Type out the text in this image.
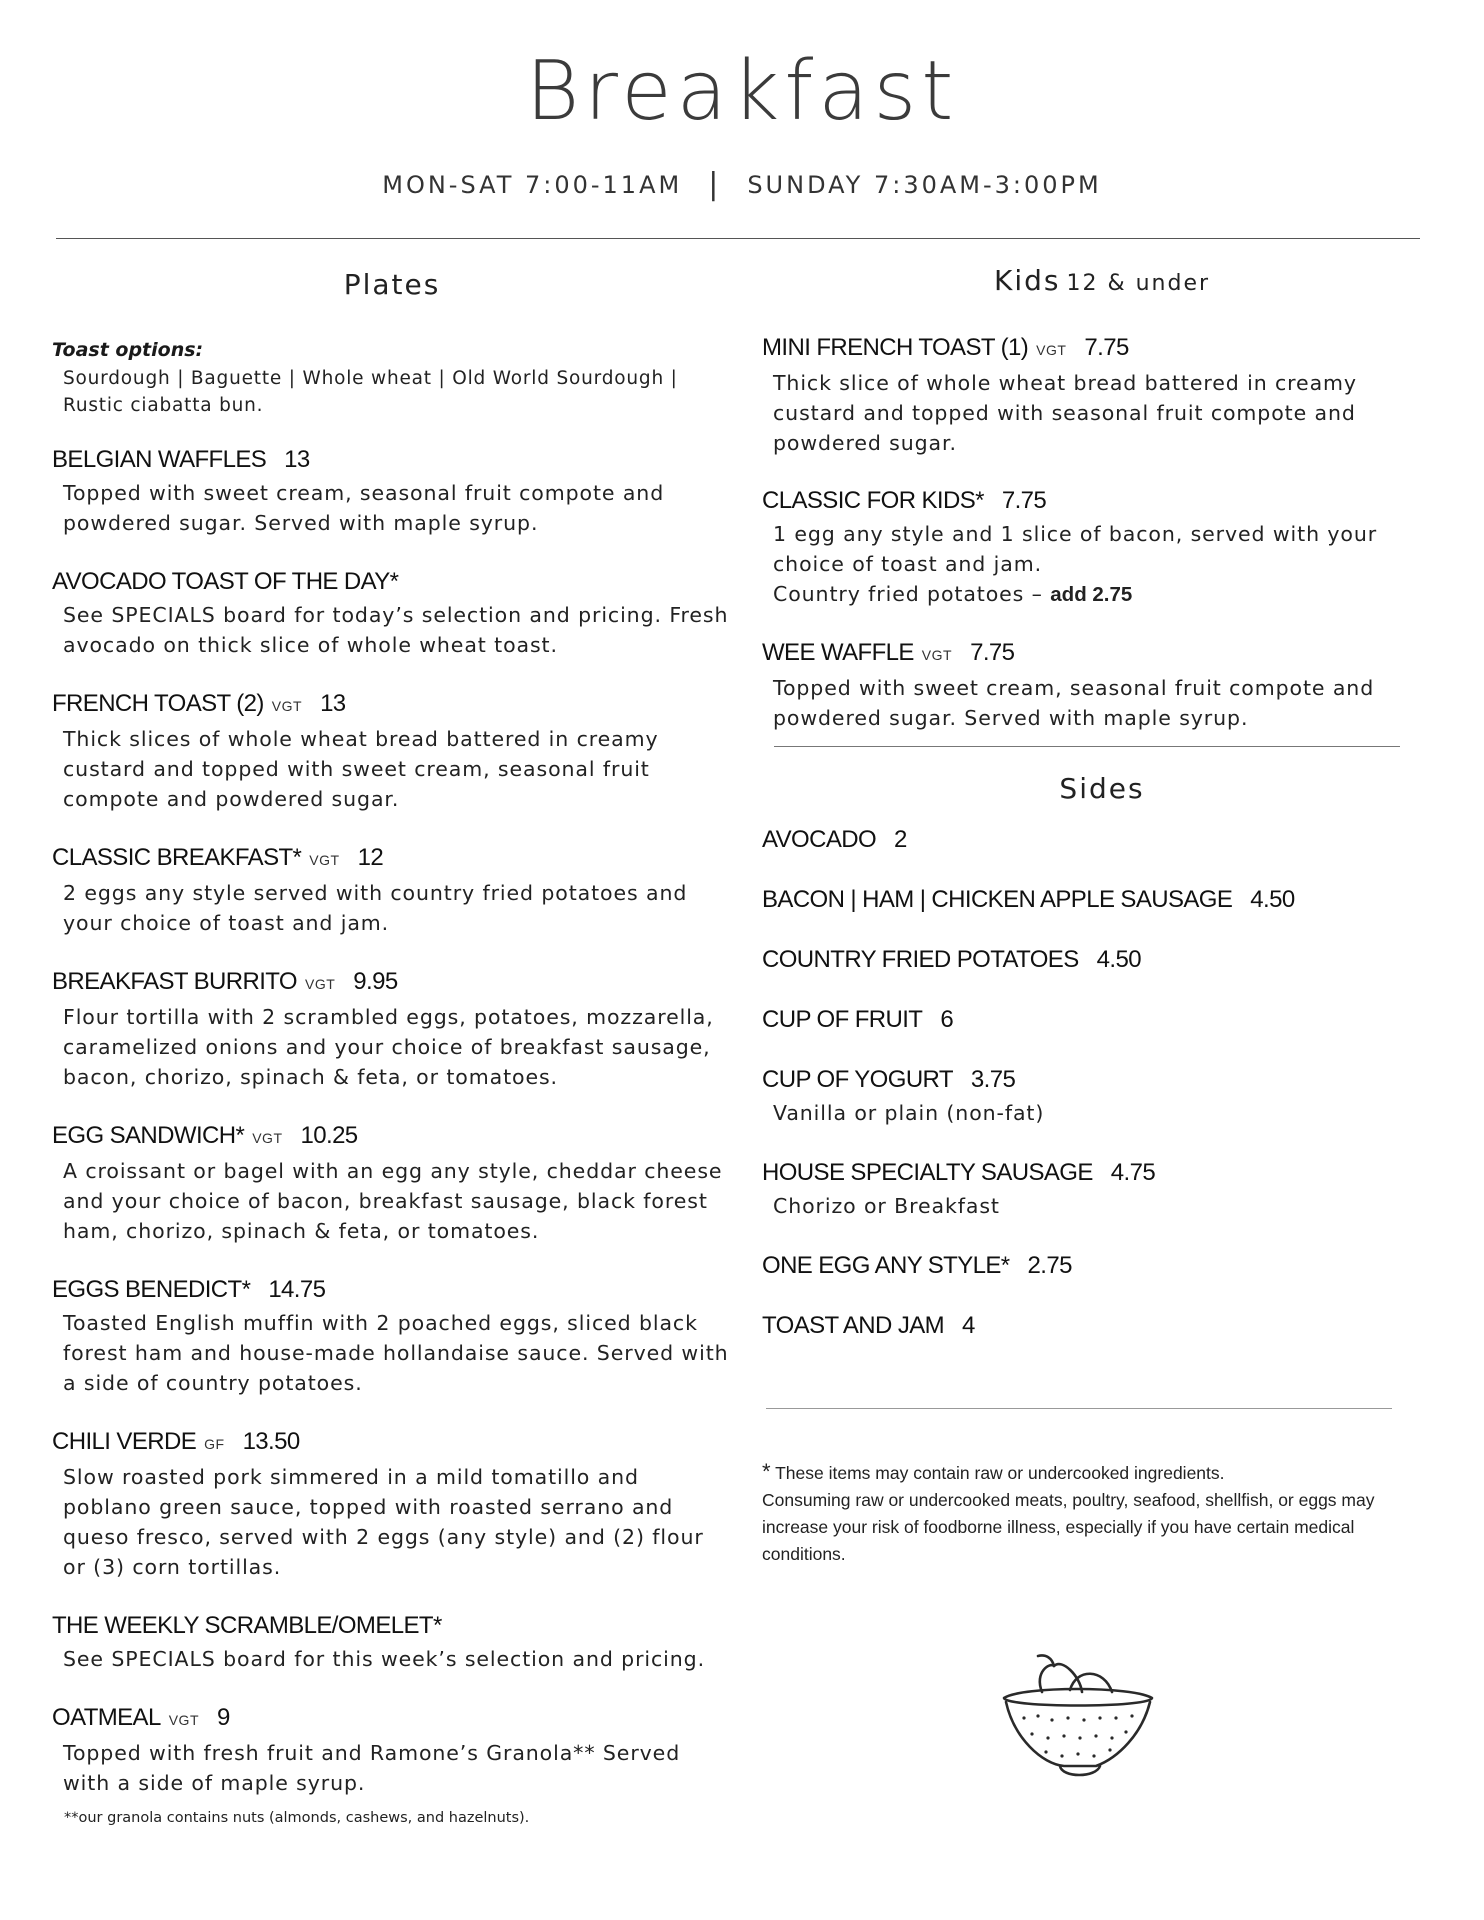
Breakfast
MON-SAT 7:00-11AM | SUNDAY 7:30AM-3:00PM
Plates
Toast options:
Sourdough | Baguette | Whole wheat | Old World Sourdough | Rustic ciabatta bun.
BELGIAN WAFFLES 13
Topped with sweet cream, seasonal fruit compote and powdered sugar. Served with maple syrup.
AVOCADO TOAST OF THE DAY*
See SPECIALS board for today’s selection and pricing. Fresh avocado on thick slice of whole wheat toast.
FRENCH TOAST (2) VGT 13
Thick slices of whole wheat bread battered in creamy custard and topped with sweet cream, seasonal fruit compote and powdered sugar.
CLASSIC BREAKFAST* VGT 12
2 eggs any style served with country fried potatoes and your choice of toast and jam.
BREAKFAST BURRITO VGT 9.95
Flour tortilla with 2 scrambled eggs, potatoes, mozzarella, caramelized onions and your choice of breakfast sausage, bacon, chorizo, spinach & feta, or tomatoes.
EGG SANDWICH* VGT 10.25
A croissant or bagel with an egg any style, cheddar cheese and your choice of bacon, breakfast sausage, black forest ham, chorizo, spinach & feta, or tomatoes.
EGGS BENEDICT* 14.75
Toasted English muffin with 2 poached eggs, sliced black forest ham and house-made hollandaise sauce. Served with a side of country potatoes.
CHILI VERDE GF 13.50
Slow roasted pork simmered in a mild tomatillo and poblano green sauce, topped with roasted serrano and queso fresco, served with 2 eggs (any style) and (2) flour or (3) corn tortillas.
THE WEEKLY SCRAMBLE/OMELET*
See SPECIALS board for this week’s selection and pricing.
OATMEAL VGT 9
Topped with fresh fruit and Ramone’s Granola** Served with a side of maple syrup.
**our granola contains nuts (almonds, cashews, and hazelnuts).
Kids 12 & under
MINI FRENCH TOAST (1) VGT 7.75
Thick slice of whole wheat bread battered in creamy custard and topped with seasonal fruit compote and powdered sugar.
CLASSIC FOR KIDS* 7.75
1 egg any style and 1 slice of bacon, served with your choice of toast and jam.
Country fried potatoes – add 2.75
WEE WAFFLE VGT 7.75
Topped with sweet cream, seasonal fruit compote and powdered sugar. Served with maple syrup.
Sides
AVOCADO 2
BACON | HAM | CHICKEN APPLE SAUSAGE 4.50
COUNTRY FRIED POTATOES 4.50
CUP OF FRUIT 6
CUP OF YOGURT 3.75
Vanilla or plain (non-fat)
HOUSE SPECIALTY SAUSAGE 4.75
Chorizo or Breakfast
ONE EGG ANY STYLE* 2.75
TOAST AND JAM 4
* These items may contain raw or undercooked ingredients.
Consuming raw or undercooked meats, poultry, seafood, shellfish, or eggs may increase your risk of foodborne illness, especially if you have certain medical conditions.
